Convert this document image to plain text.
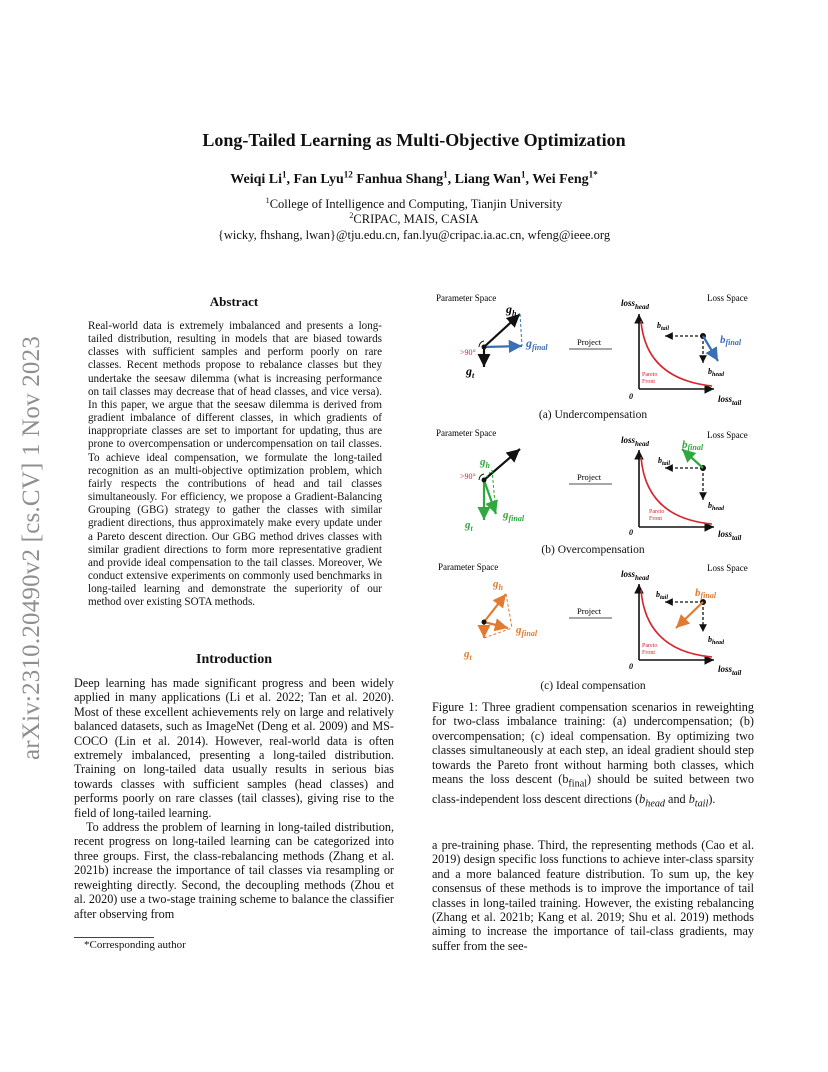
arXiv:2310.20490v2 [cs.CV] 1 Nov 2023
Long-Tailed Learning as Multi-Objective Optimization
Weiqi Li$^1$, Fan Lyu$^{12}$ Fanhua Shang$^1$, Liang Wan$^1$, Wei Feng$^{1*}$
$^1$College of Intelligence and Computing, Tianjin University
$^2$CRIPAC, MAIS, CASIA
{wicky, fhshang, lwan}@tju.edu.cn, fan.lyu@cripac.ia.ac.cn, wfeng@ieee.org
Abstract
Real-world data is extremely imbalanced and presents a long-tailed distribution, resulting in models that are biased towards classes with sufficient samples and perform poorly on rare classes. Recent methods propose to rebalance classes but they undertake the seesaw dilemma (what is increasing performance on tail classes may decrease that of head classes, and vice versa). In this paper, we argue that the seesaw dilemma is derived from gradient imbalance of different classes, in which gradients of inappropriate classes are set to important for updating, thus are prone to overcompensation or undercompensation on tail classes. To achieve ideal compensation, we formulate the long-tailed recognition as an multi-objective optimization problem, which fairly respects the contributions of head and tail classes simultaneously. For efficiency, we propose a Gradient-Balancing Grouping (GBG) strategy to gather the classes with similar gradient directions, thus approximately make every update under a Pareto descent direction. Our GBG method drives classes with similar gradient directions to form more representative gradient and provide ideal compensation to the tail classes. Moreover, We conduct extensive experiments on commonly used benchmarks in long-tailed learning and demonstrate the superiority of our method over existing SOTA methods.
Introduction

Deep learning has made significant progress and been widely applied in many applications (Li et al. 2022; Tan et al. 2020). Most of these excellent achievements rely on large and relatively balanced datasets, such as ImageNet (Deng et al. 2009) and MS-COCO (Lin et al. 2014). However, real-world data is often extremely imbalanced, presenting a long-tailed distribution. Training on long-tailed data usually results in serious bias towards classes with sufficient samples (head classes) and performs poorly on rare classes (tail classes), giving rise to the field of long-tailed learning.

To address the problem of learning in long-tailed distribution, recent progress on long-tailed learning can be categorized into three groups. First, the class-rebalancing methods (Zhang et al. 2021b) increase the importance of tail classes via resampling or reweighting directly. Second, the decoupling methods (Zhou et al. 2020) use a two-stage training scheme to balance the classifier after observing from

*Corresponding author
Parameter Space	Loss Space
>90°
$g_h$
$g_t$
$g_{final}$
Project
Pareto
Front
loss$_{head}$
loss$_{tail}$
0
$b_{tail}$
$b_{head}$
bfinal
(a) Undercompensation
Parameter Space	Loss Space
>90°
$g_h$
$g_t$
$g_{final}$
Project
Pareto
Front
loss$_{head}$
loss$_{tail}$
0
$b_{tail}$
$b_{head}$
bfinal
(b) Overcompensation
Parameter Space	Loss Space
$g_h$
$g_t$
$g_{final}$
Project
Pareto
Front
loss$_{head}$
loss$_{tail}$
0
$b_{tail}$
$b_{head}$
bfinal
(c) Ideal compensation
Figure 1: Three gradient compensation scenarios in reweighting for two-class imbalance training: (a) undercompensation; (b) overcompensation; (c) ideal compensation. By optimizing two classes simultaneously at each step, an ideal gradient should step towards the Pareto front without harming both classes, which means the loss descent $(b_{final})$ should be suited between two class-independent loss descent directions ($b_{head}$ and $b_{tail}$).

a pre-training phase. Third, the representing methods (Cao et al. 2019) design specific loss functions to achieve inter-class sparsity and a more balanced feature distribution. To sum up, the key consensus of these methods is to improve the importance of tail classes in long-tailed training. However, the existing rebalancing (Zhang et al. 2021b; Kang et al. 2019; Shu et al. 2019) methods aiming to increase the importance of tail-class gradients, may suffer from the see-
